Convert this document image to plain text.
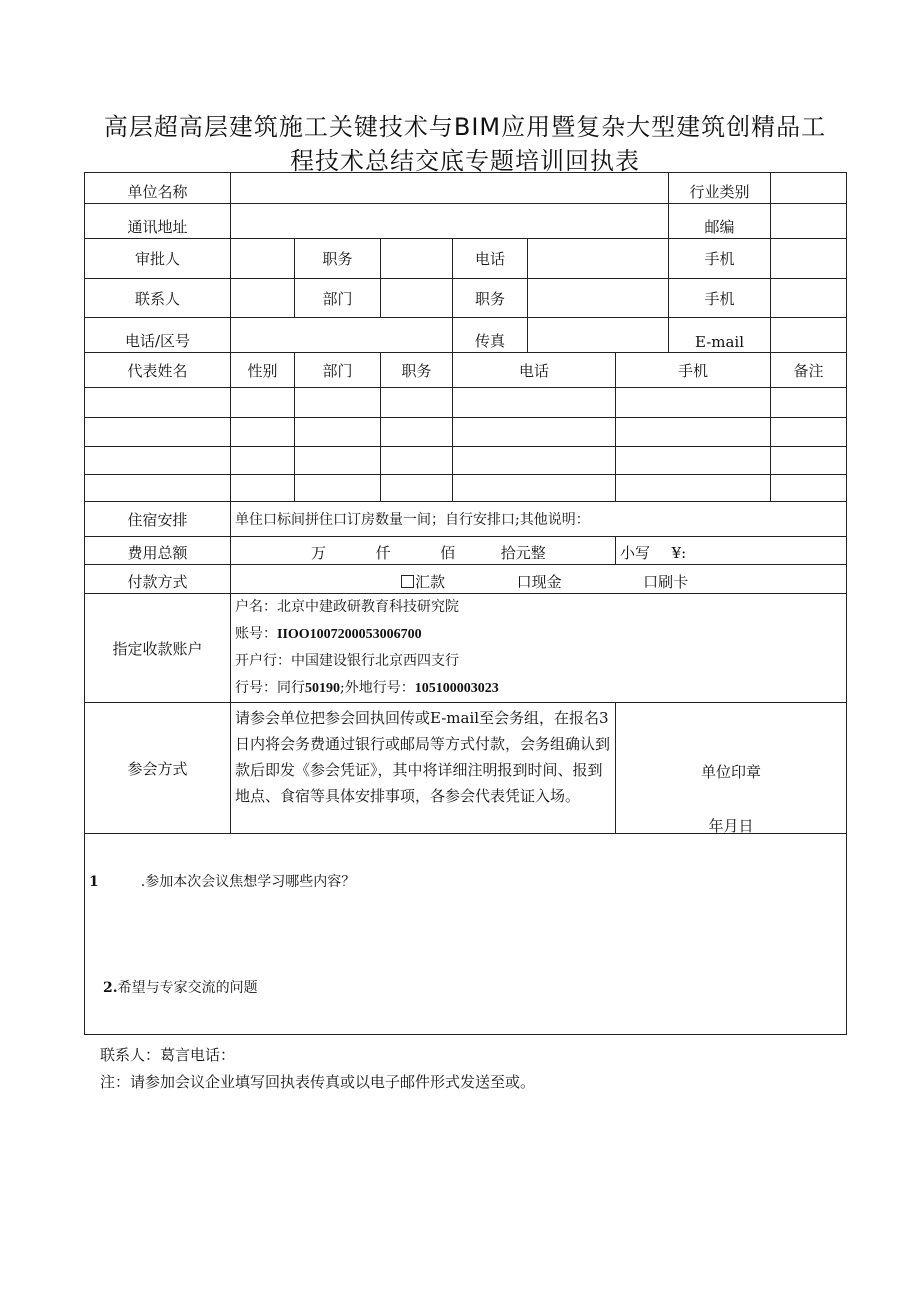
高层超高层建筑施工关键技术与BIM应用暨复杂大型建筑创精品工
程技术总结交底专题培训回执表
单位名称							行业类别	
通讯地址							邮编	
审批人		职务		电话			手机	
联系人		部门		职务			手机	
电话/区号				传真			E-mail	
代表姓名	性别	部门	职务	电话		手机		备注

住宿安排	单住口标间拼住口订房数量一间；自行安排口;其他说明：							
费用总额	万 仟 佰 拾元整					小写 ¥:		
付款方式	汇款 口现金 口刷卡							
指定收款账户	户名：北京中建政研教育科技研究院
账号：IIOO1007200053006700
开户行：中国建设银行北京西四支行
行号：同行50190;外地行号：105100003023							

参会方式	请参会单位把参会回执回传或E-mail至会务组，在报名3日内将会务费通过银行或邮局等方式付款，会务组确认到款后即发《参会凭证》，其中将详细注明报到时间、报到地点、食宿等具体安排事项，各参会代表凭证入场。					单位印章
年月日		

1 .参加本次会议焦想学习哪些内容？
2.希望与专家交流的问题								
联系人：葛言电话：
注：请参加会议企业填写回执表传真或以电子邮件形式发送至或。
